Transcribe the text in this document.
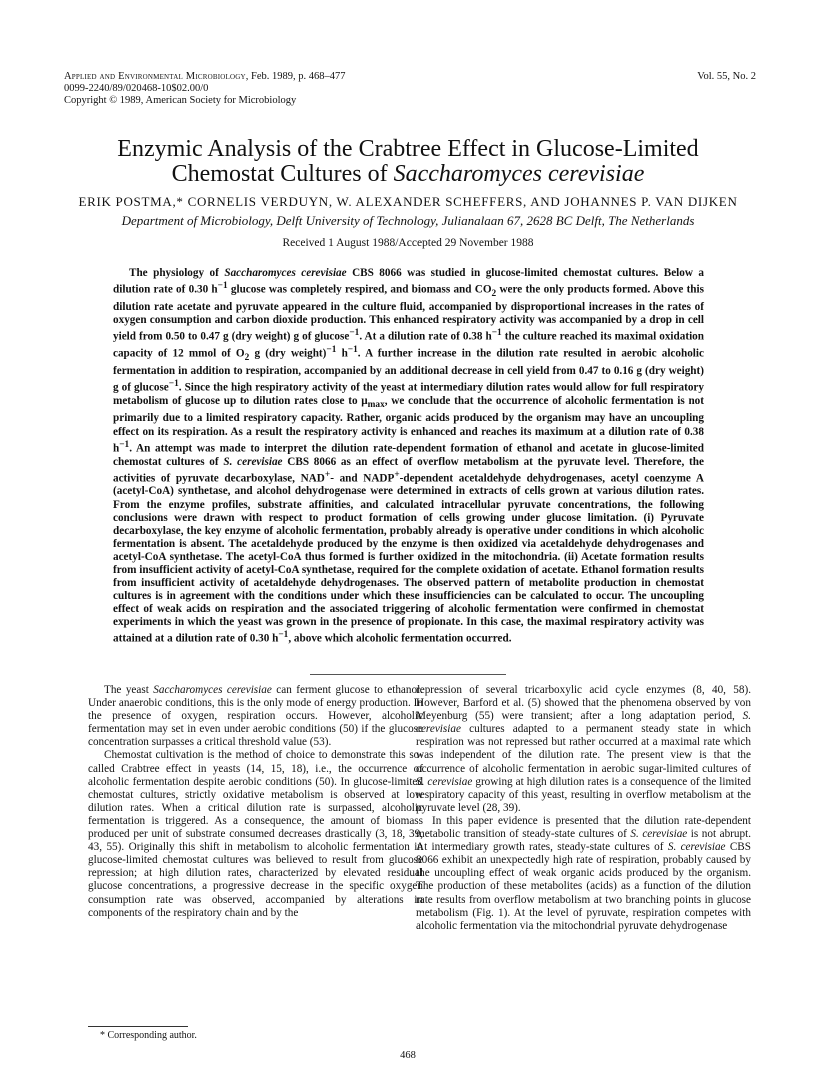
Applied and Environmental Microbiology, Feb. 1989, p. 468–477	Vol. 55, No. 2
0099-2240/89/020468-10$02.00/0
Copyright © 1989, American Society for Microbiology
Enzymic Analysis of the Crabtree Effect in Glucose-Limited
Chemostat Cultures of Saccharomyces cerevisiae
ERIK POSTMA,* CORNELIS VERDUYN, W. ALEXANDER SCHEFFERS, AND JOHANNES P. VAN DIJKEN
Department of Microbiology, Delft University of Technology, Julianalaan 67, 2628 BC Delft, The Netherlands
Received 1 August 1988/Accepted 29 November 1988
The physiology of Saccharomyces cerevisiae CBS 8066 was studied in glucose-limited chemostat cultures. Below a dilution rate of 0.30 $h^{-1}$ glucose was completely respired, and biomass and $CO_2$ were the only products formed. Above this dilution rate acetate and pyruvate appeared in the culture fluid, accompanied by disproportional increases in the rates of oxygen consumption and carbon dioxide production. This enhanced respiratory activity was accompanied by a drop in cell yield from 0.50 to 0.47 g (dry weight) g of glucose$^{-1}$. At a dilution rate of 0.38 $h^{-1}$ the culture reached its maximal oxidation capacity of 12 mmol of $O_2$ g (dry weight)$^{-1}$ $h^{-1}$. A further increase in the dilution rate resulted in aerobic alcoholic fermentation in addition to respiration, accompanied by an additional decrease in cell yield from 0.47 to 0.16 g (dry weight) g of glucose$^{-1}$. Since the high respiratory activity of the yeast at intermediary dilution rates would allow for full respiratory metabolism of glucose up to dilution rates close to $\mu_{max}$, we conclude that the occurrence of alcoholic fermentation is not primarily due to a limited respiratory capacity. Rather, organic acids produced by the organism may have an uncoupling effect on its respiration. As a result the respiratory activity is enhanced and reaches its maximum at a dilution rate of 0.38 $h^{-1}$. An attempt was made to interpret the dilution rate-dependent formation of ethanol and acetate in glucose-limited chemostat cultures of S. cerevisiae CBS 8066 as an effect of overflow metabolism at the pyruvate level. Therefore, the activities of pyruvate decarboxylase, NAD+- and NADP+-dependent acetaldehyde dehydrogenases, acetyl coenzyme A (acetyl-CoA) synthetase, and alcohol dehydrogenase were determined in extracts of cells grown at various dilution rates. From the enzyme profiles, substrate affinities, and calculated intracellular pyruvate concentrations, the following conclusions were drawn with respect to product formation of cells growing under glucose limitation. (i) Pyruvate decarboxylase, the key enzyme of alcoholic fermentation, probably already is operative under conditions in which alcoholic fermentation is absent. The acetaldehyde produced by the enzyme is then oxidized via acetaldehyde dehydrogenases and acetyl-CoA synthetase. The acetyl-CoA thus formed is further oxidized in the mitochondria. (ii) Acetate formation results from insufficient activity of acetyl-CoA synthetase, required for the complete oxidation of acetate. Ethanol formation results from insufficient activity of acetaldehyde dehydrogenases. The observed pattern of metabolite production in chemostat cultures is in agreement with the conditions under which these insufficiencies can be calculated to occur. The uncoupling effect of weak acids on respiration and the associated triggering of alcoholic fermentation were confirmed in chemostat experiments in which the yeast was grown in the presence of propionate. In this case, the maximal respiratory activity was attained at a dilution rate of 0.30 $h^{-1}$, above which alcoholic fermentation occurred.

The yeast Saccharomyces cerevisiae can ferment glucose to ethanol. Under anaerobic conditions, this is the only mode of energy production. In the presence of oxygen, respiration occurs. However, alcoholic fermentation may set in even under aerobic conditions (50) if the glucose concentration surpasses a critical threshold value (53).

Chemostat cultivation is the method of choice to demonstrate this so-called Crabtree effect in yeasts (14, 15, 18), i.e., the occurrence of alcoholic fermentation despite aerobic conditions (50). In glucose-limited chemostat cultures, strictly oxidative metabolism is observed at low dilution rates. When a critical dilution rate is surpassed, alcoholic fermentation is triggered. As a consequence, the amount of biomass produced per unit of substrate consumed decreases drastically (3, 18, 39, 43, 55). Originally this shift in metabolism to alcoholic fermentation in glucose-limited chemostat cultures was believed to result from glucose repression; at high dilution rates, characterized by elevated residual glucose concentrations, a progressive decrease in the specific oxygen consumption rate was observed, accompanied by alterations in components of the respiratory chain and by the

repression of several tricarboxylic acid cycle enzymes (8, 40, 58). However, Barford et al. (5) showed that the phenomena observed by von Meyenburg (55) were transient; after a long adaptation period, S. cerevisiae cultures adapted to a permanent steady state in which respiration was not repressed but rather occurred at a maximal rate which was independent of the dilution rate. The present view is that the occurrence of alcoholic fermentation in aerobic sugar-limited cultures of S. cerevisiae growing at high dilution rates is a consequence of the limited respiratory capacity of this yeast, resulting in overflow metabolism at the pyruvate level (28, 39).

In this paper evidence is presented that the dilution rate-dependent metabolic transition of steady-state cultures of S. cerevisiae is not abrupt. At intermediary growth rates, steady-state cultures of S. cerevisiae CBS 8066 exhibit an unexpectedly high rate of respiration, probably caused by the uncoupling effect of weak organic acids produced by the organism. The production of these metabolites (acids) as a function of the dilution rate results from overflow metabolism at two branching points in glucose metabolism (Fig. 1). At the level of pyruvate, respiration competes with alcoholic fermentation via the mitochondrial pyruvate dehydrogenase

* Corresponding author.
468
